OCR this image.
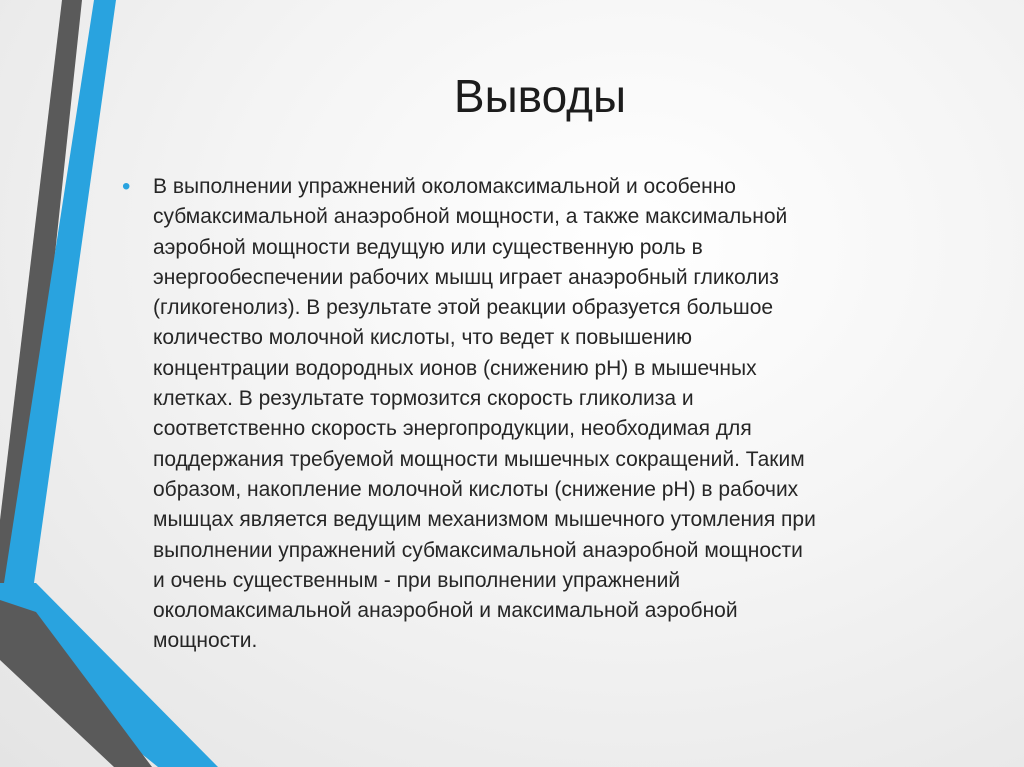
Выводы
• В выполнении упражнений околомаксимальной и особенно
субмаксимальной анаэробной мощности, а также максимальной
аэробной мощности ведущую или существенную роль в
энергообеспечении рабочих мышц играет анаэробный гликолиз
(гликогенолиз). В результате этой реакции образуется большое
количество молочной кислоты, что ведет к повышению
концентрации водородных ионов (снижению рН) в мышечных
клетках. В результате тормозится скорость гликолиза и
соответственно скорость энергопродукции, необходимая для
поддержания требуемой мощности мышечных сокращений. Таким
образом, накопление молочной кислоты (снижение рН) в рабочих
мышцах является ведущим механизмом мышечного утомления при
выполнении упражнений субмаксимальной анаэробной мощности
и очень существенным - при выполнении упражнений
околомаксимальной анаэробной и максимальной аэробной
мощности.
